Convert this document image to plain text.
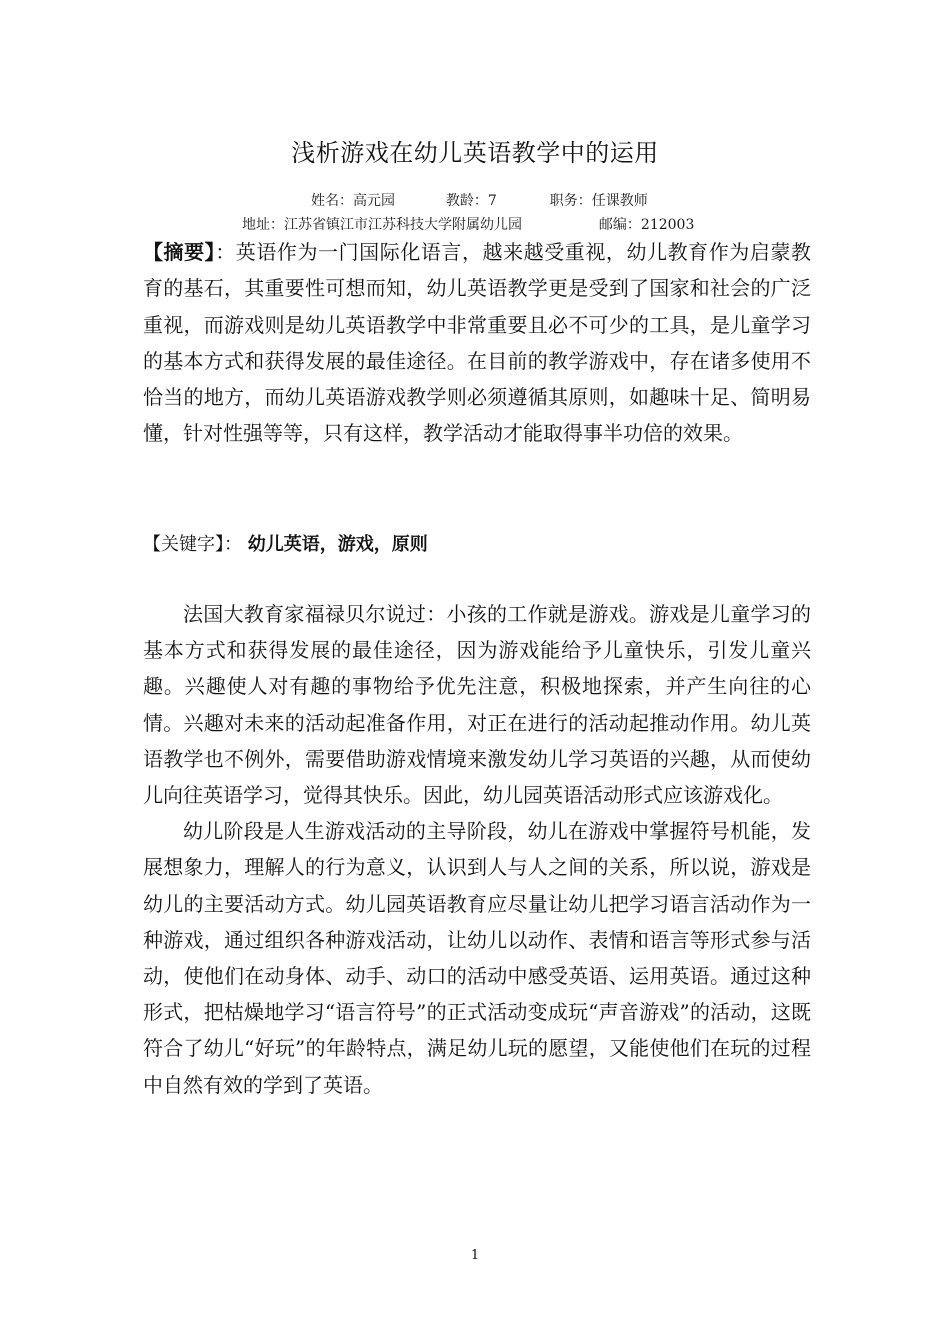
浅析游戏在幼儿英语教学中的运用
姓名：高元园	教龄：7	职务：任课教师
地址：江苏省镇江市江苏科技大学附属幼儿园	邮编：212003
【摘要】：英语作为一门国际化语言，越来越受重视，幼儿教育作为启蒙教育的基石，其重要性可想而知，幼儿英语教学更是受到了国家和社会的广泛重视，而游戏则是幼儿英语教学中非常重要且必不可少的工具，是儿童学习的基本方式和获得发展的最佳途径。在目前的教学游戏中，存在诸多使用不恰当的地方，而幼儿英语游戏教学则必须遵循其原则，如趣味十足、简明易懂，针对性强等等，只有这样，教学活动才能取得事半功倍的效果。
【关键字】： 幼儿英语，游戏，原则

法国大教育家福禄贝尔说过：小孩的工作就是游戏。游戏是儿童学习的基本方式和获得发展的最佳途径，因为游戏能给予儿童快乐，引发儿童兴趣。兴趣使人对有趣的事物给予优先注意，积极地探索，并产生向往的心情。兴趣对未来的活动起准备作用，对正在进行的活动起推动作用。幼儿英语教学也不例外，需要借助游戏情境来激发幼儿学习英语的兴趣，从而使幼儿向往英语学习，觉得其快乐。因此，幼儿园英语活动形式应该游戏化。

幼儿阶段是人生游戏活动的主导阶段，幼儿在游戏中掌握符号机能，发展想象力，理解人的行为意义，认识到人与人之间的关系，所以说，游戏是幼儿的主要活动方式。幼儿园英语教育应尽量让幼儿把学习语言活动作为一种游戏，通过组织各种游戏活动，让幼儿以动作、表情和语言等形式参与活动，使他们在动身体、动手、动口的活动中感受英语、运用英语。通过这种形式，把枯燥地学习“语言符号”的正式活动变成玩“声音游戏”的活动，这既符合了幼儿“好玩”的年龄特点，满足幼儿玩的愿望，又能使他们在玩的过程中自然有效的学到了英语。

1
